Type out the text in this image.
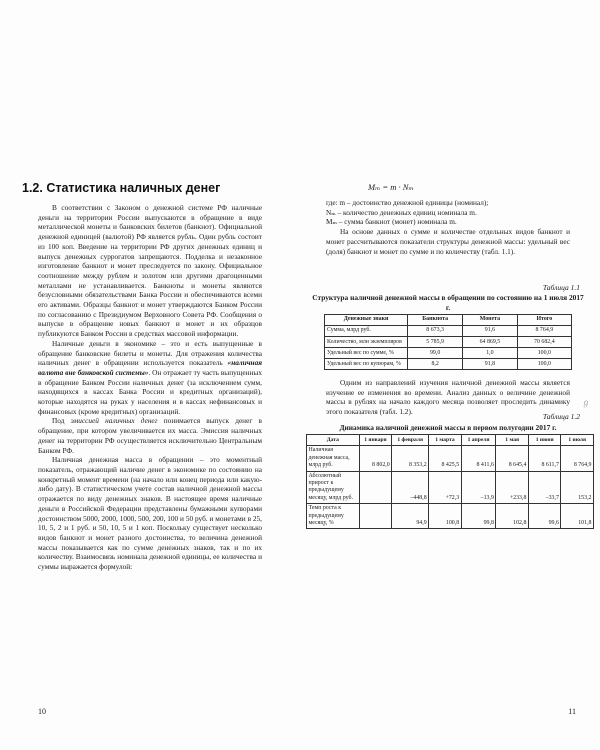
1.2. Статистика наличных денег

В соответствии с Законом о денежной системе РФ наличные деньги на территории России выпускаются в обращение в виде металлической монеты и банковских билетов (банкнот). Официальной денежной единицей (валютой) РФ является рубль. Один рубль состоит из 100 коп. Введение на территории РФ других денежных единиц и выпуск денежных суррогатов запрещаются. Подделка и незаконное изготовление банкнот и монет преследуется по закону. Официальное соотношение между рублем и золотом или другими драгоценными металлами не устанавливается. Банкноты и монеты являются безусловными обязательствами Банка России и обеспечиваются всеми его активами. Образцы банкнот и монет утверждаются Банком России по согласованию с Президиумом Верховного Совета РФ. Сообщения о выпуске в обращение новых банкнот и монет и их образцов публикуются Банком России в средствах массовой информации.

Наличные деньги в экономике – это и есть выпущенные в обращение банковские билеты и монеты. Для отражения количества наличных денег в обращении используется показатель «наличная валюта вне банковской системы». Он отражает ту часть выпущенных в обращение Банком России наличных денег (за исключением сумм, находящихся в кассах Банка России и кредитных организаций), которые находятся на руках у населения и в кассах нефинансовых и финансовых (кроме кредитных) организаций.

Под эмиссией наличных денег понимается выпуск денег в обращение, при котором увеличивается их масса. Эмиссия наличных денег на территории РФ осуществляется исключительно Центральным Банком РФ.

Наличная денежная масса в обращении – это моментный показатель, отражающий наличие денег в экономике по состоянию на конкретный момент времени (на начало или конец периода или какую-либо дату). В статистическом учете состав наличной денежной массы отражается по виду денежных знаков. В настоящее время наличные деньги в Российской Федерации представлены бумажными купюрами достоинством 5000, 2000, 1000, 500, 200, 100 и 50 руб. и монетами в 25, 10, 5, 2 и 1 руб. и 50, 10, 5 и 1 коп. Поскольку существует несколько видов банкнот и монет разного достоинства, то величина денежной массы показывается как по сумме денежных знаков, так и по их количеству. Взаимосвязь номинала денежной единицы, ее количества и суммы выражается формулой:

10
Mₘ = m · Nₘ

где: m – достоинство денежной единицы (номинал);

Nₘ – количество денежных единиц номинала m.

Mₘ – сумма банкнот (монет) номинала m.

На основе данных о сумме и количестве отдельных видов банкнот и монет рассчитываются показатели структуры денежной массы: удельный вес (доля) банкнот и монет по сумме и по количеству (табл. 1.1).

Таблица 1.1
Структура наличной денежной массы в обращении по состоянию на 1 июля 2017 г.
Денежные знаки	Банкнота	Монета	Итого
Сумма, млрд руб.	8 673,3	91,6	8 764,9
Количество, млн экземпляров	5 785,9	64 869,5	70 682,4
Удельный вес по сумме, %	99,0	1,0	100,0
Удельный вес по купюрам, %	8,2	91,8	100,0

Одним из направлений изучения наличной денежной массы является изучение ее изменения во времени. Анализ данных о величине денежной массы в рублях на начало каждого месяца позволяет проследить динамику этого показателя (табл. 1.2).

Таблица 1.2
Динамика наличной денежной массы в первом полугодии 2017 г.
Дата	1 января	1 февраля	1 марта	1 апреля	1 мая	1 июня	1 июля
Наличная денежная масса, млрд руб.	8 802,0	8 353,2	8 425,5	8 411,6	8 645,4	8 611,7	8 764,9
Абсолютный прирост к предыдущему месяцу, млрд руб.		–448,8	+72,3	–13,9	+233,8	–33,7	153,2
Темп роста к предыдущему месяцу, %		94,9	100,8	99,8	102,8	99,6	101,8
11
ℊ
